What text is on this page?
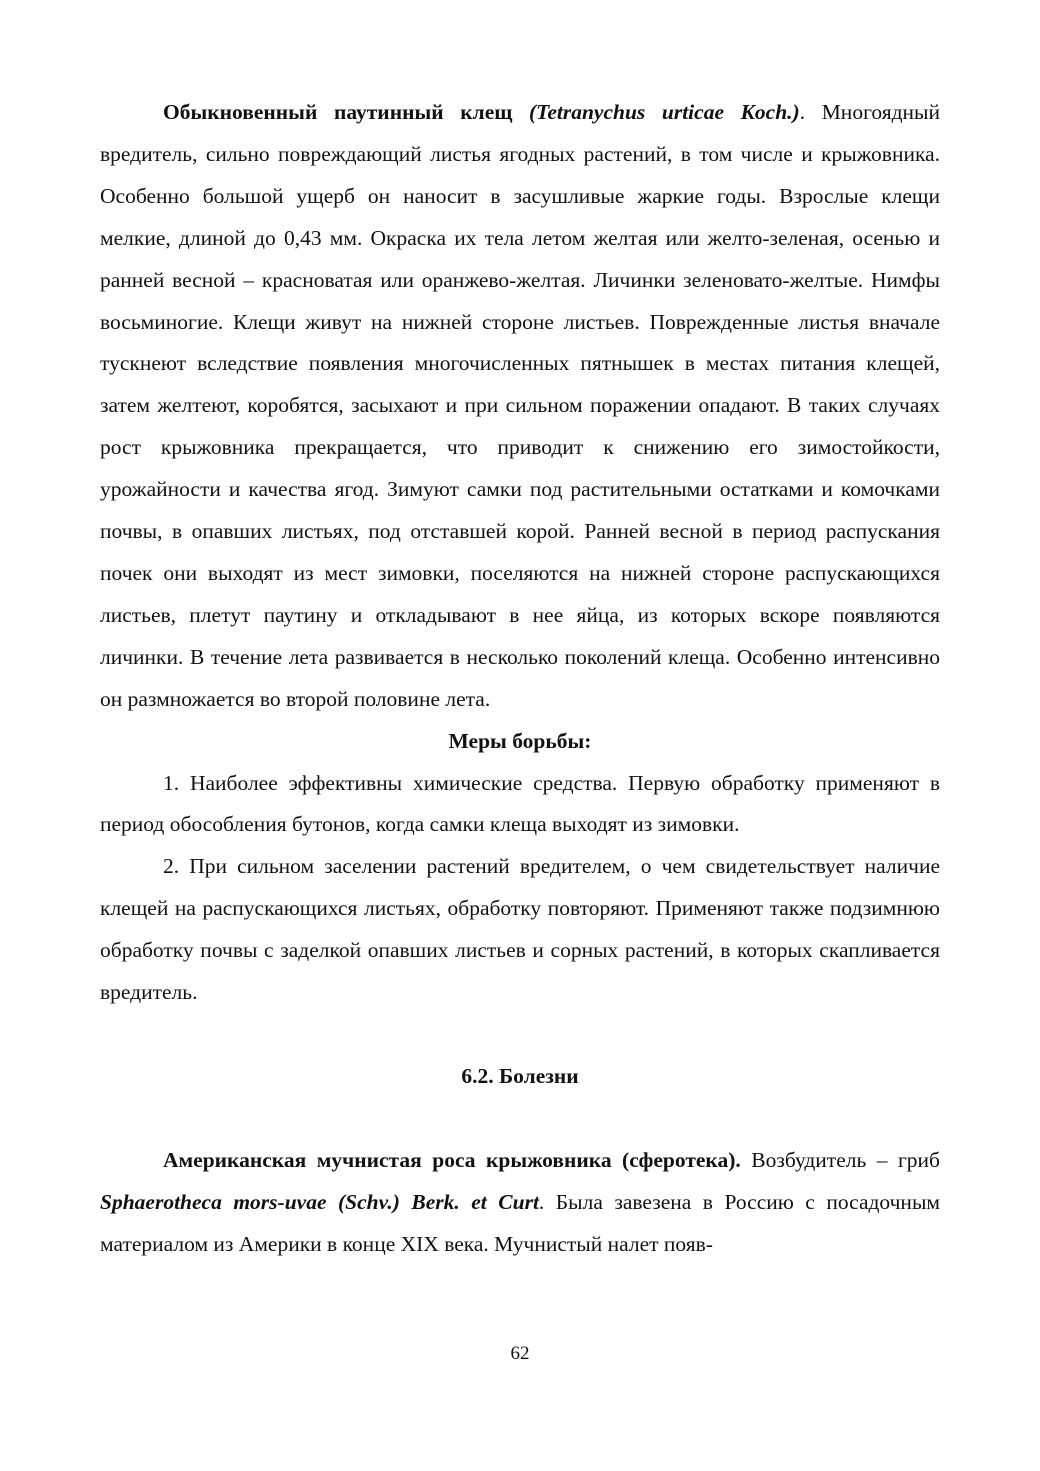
Обыкновенный паутинный клещ (Tetranychus urticae Koch.). Многоядный вредитель, сильно повреждающий листья ягодных растений, в том числе и крыжовника. Особенно большой ущерб он наносит в засушливые жаркие годы. Взрослые клещи мелкие, длиной до 0,43 мм. Окраска их тела летом желтая или желто-зеленая, осенью и ранней весной – красноватая или оранжево-желтая. Личинки зеленовато-желтые. Нимфы восьминогие. Клещи живут на нижней стороне листьев. Поврежденные листья вначале тускнеют вследствие появления многочисленных пятнышек в местах питания клещей, затем желтеют, коробятся, засыхают и при сильном поражении опадают. В таких случаях рост крыжовника прекращается, что приводит к снижению его зимостойкости, урожайности и качества ягод. Зимуют самки под растительными остатками и комочками почвы, в опавших листьях, под отставшей корой. Ранней весной в период распускания почек они выходят из мест зимовки, поселяются на нижней стороне распускающихся листьев, плетут паутину и откладывают в нее яйца, из которых вскоре появляются личинки. В течение лета развивается в несколько поколений клеща. Особенно интенсивно он размножается во второй половине лета.

Меры борьбы:

1. Наиболее эффективны химические средства. Первую обработку применяют в период обособления бутонов, когда самки клеща выходят из зимовки.

2. При сильном заселении растений вредителем, о чем свидетельствует наличие клещей на распускающихся листьях, обработку повторяют. Применяют также подзимнюю обработку почвы с заделкой опавших листьев и сорных растений, в которых скапливается вредитель.

6.2. Болезни

Американская мучнистая роса крыжовника (сферотека). Возбудитель – гриб Sphaerotheca mors-uvae (Schv.) Berk. et Curt. Была завезена в Россию с посадочным материалом из Америки в конце XIX века. Мучнистый налет появ-

62
